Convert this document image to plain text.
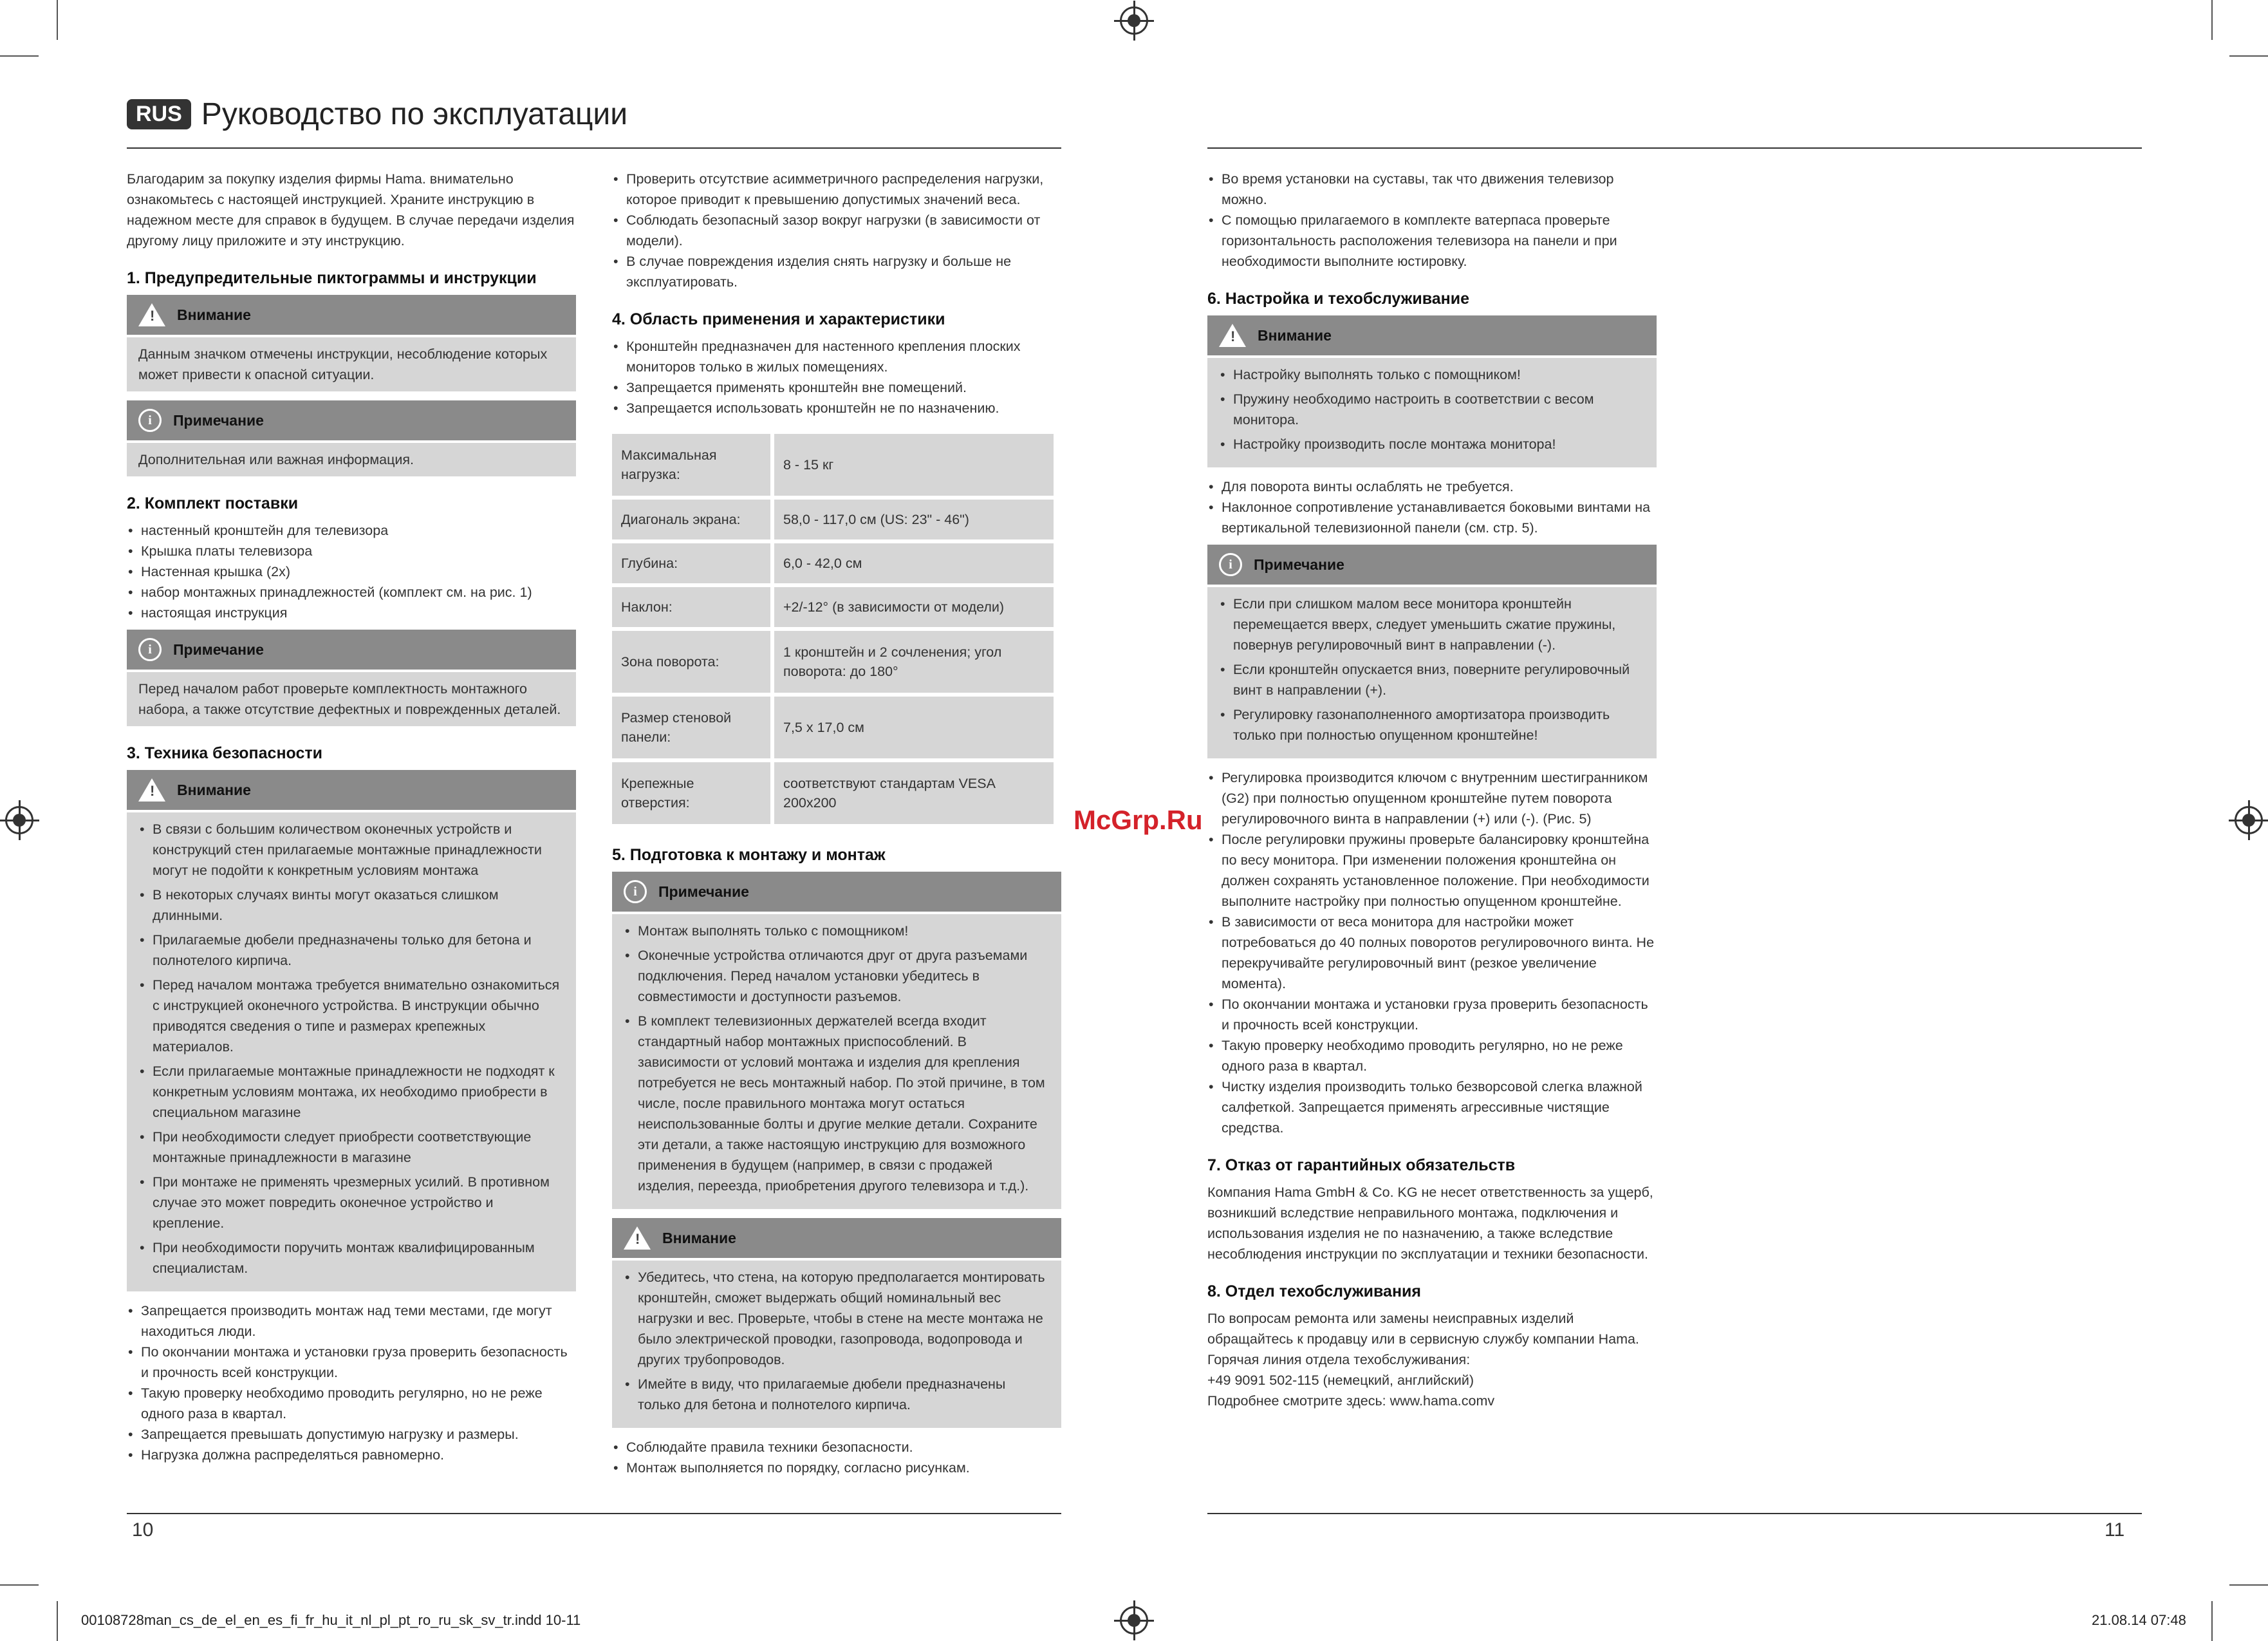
RUS Руководство по эксплуатации

Благодарим за покупку изделия фирмы Hama. внимательно ознакомьтесь с настоящей инструкцией. Храните инструкцию в надежном месте для справок в будущем. В случае передачи изделия другому лицу приложите и эту инструкцию.

1. Предупредительные пиктограммы и инструкции
! Внимание
Данным значком отмечены инструкции, несоблюдение которых может привести к опасной ситуации.
i	Примечание
Дополнительная или важная информация.
2. Комплект поставки
• настенный кронштейн для телевизора
• Крышка платы телевизора
• Настенная крышка (2х)
• набор монтажных принадлежностей (комплект см. на рис. 1)
• настоящая инструкция
i	Примечание
Перед началом работ проверьте комплектность монтажного набора, а также отсутствие дефектных и поврежденных деталей.
3. Техника безопасности
! Внимание
• В связи с большим количеством оконечных устройств и конструкций стен прилагаемые монтажные принадлежности могут не подойти к конкретным условиям монтажа
• В некоторых случаях винты могут оказаться слишком длинными.
• Прилагаемые дюбели предназначены только для бетона и полнотелого кирпича.
• Перед началом монтажа требуется внимательно ознакомиться с инструкцией оконечного устройства. В инструкции обычно приводятся сведения о типе и размерах крепежных материалов.
• Если прилагаемые монтажные принадлежности не подходят к конкретным условиям монтажа, их необходимо приобрести в специальном магазине
• При необходимости следует приобрести соответствующие монтажные принадлежности в магазине
• При монтаже не применять чрезмерных усилий. В противном случае это может повредить оконечное устройство и крепление.
• При необходимости поручить монтаж квалифицированным специалистам.
• Запрещается производить монтаж над теми местами, где могут находиться люди.
• По окончании монтажа и установки груза проверить безопасность и прочность всей конструкции.
• Такую проверку необходимо проводить регулярно, но не реже одного раза в квартал.
• Запрещается превышать допустимую нагрузку и размеры.
• Нагрузка должна распределяться равномерно.
• Проверить отсутствие асимметричного распределения нагрузки, которое приводит к превышению допустимых значений веса.
• Соблюдать безопасный зазор вокруг нагрузки (в зависимости от модели).
• В случае повреждения изделия снять нагрузку и больше не эксплуатировать.
4. Область применения и характеристики
• Кронштейн предназначен для настенного крепления плоских мониторов только в жилых помещениях.
• Запрещается применять кронштейн вне помещений.
• Запрещается использовать кронштейн не по назначению.
Максимальная нагрузка:	8 - 15 кг
Диагональ экрана:	58,0 - 117,0 см (US: 23" - 46")
Глубина:	6,0 - 42,0 см
Наклон:	+2/-12° (в зависимости от модели)
Зона поворота:	1 кронштейн и 2 сочленения; угол поворота: до 180°
Размер стеновой панели:	7,5 x 17,0 см
Крепежные отверстия:	соответствуют стандартам VESA 200x200
5. Подготовка к монтажу и монтаж
i	Примечание
• Монтаж выполнять только с помощником!
• Оконечные устройства отличаются друг от друга разъемами подключения. Перед началом установки убедитесь в совместимости и доступности разъемов.
• В комплект телевизионных держателей всегда входит стандартный набор монтажных приспособлений. В зависимости от условий монтажа и изделия для крепления потребуется не весь монтажный набор. По этой причине, в том числе, после правильного монтажа могут остаться неиспользованные болты и другие мелкие детали. Сохраните эти детали, а также настоящую инструкцию для возможного применения в будущем (например, в связи с продажей изделия, переезда, приобретения другого телевизора и т.д.).
! Внимание
• Убедитесь, что стена, на которую предполагается монтировать кронштейн, сможет выдержать общий номинальный вес нагрузки и вес. Проверьте, чтобы в стене на месте монтажа не было электрической проводки, газопровода, водопровода и других трубопроводов.
• Имейте в виду, что прилагаемые дюбели предназначены только для бетона и полнотелого кирпича.
• Соблюдайте правила техники безопасности.
• Монтаж выполняется по порядку, согласно рисункам.
• Во время установки на суставы, так что движения телевизор можно.
• С помощью прилагаемого в комплекте ватерпаса проверьте горизонтальность расположения телевизора на панели и при необходимости выполните юстировку.
6. Настройка и техобслуживание
! Внимание
• Настройку выполнять только с помощником!
• Пружину необходимо настроить в соответствии с весом монитора.
• Настройку производить после монтажа монитора!
• Для поворота винты ослаблять не требуется.
• Наклонное сопротивление устанавливается боковыми винтами на вертикальной телевизионной панели (см. стр. 5).
i	Примечание
• Если при слишком малом весе монитора кронштейн перемещается вверх, следует уменьшить сжатие пружины, повернув регулировочный винт в направлении (-).
• Если кронштейн опускается вниз, поверните регулировочный винт в направлении (+).
• Регулировку газонаполненного амортизатора производить только при полностью опущенном кронштейне!
• Регулировка производится ключом с внутренним шестигранником (G2) при полностью опущенном кронштейне путем поворота регулировочного винта в направлении (+) или (-). (Рис. 5)
• После регулировки пружины проверьте балансировку кронштейна по весу монитора. При изменении положения кронштейна он должен сохранять установленное положение. При необходимости выполните настройку при полностью опущенном кронштейне.
• В зависимости от веса монитора для настройки может потребоваться до 40 полных поворотов регулировочного винта. Не перекручивайте регулировочный винт (резкое увеличение момента).
• По окончании монтажа и установки груза проверить безопасность и прочность всей конструкции.
• Такую проверку необходимо проводить регулярно, но не реже одного раза в квартал.
• Чистку изделия производить только безворсовой слегка влажной салфеткой. Запрещается применять агрессивные чистящие средства.
7. Отказ от гарантийных обязательств

Компания Hama GmbH & Co. KG не несет ответственность за ущерб, возникший вследствие неправильного монтажа, подключения и использования изделия не по назначению, а также вследствие несоблюдения инструкции по эксплуатации и техники безопасности.

8. Отдел техобслуживания
По вопросам ремонта или замены неисправных изделий обращайтесь к продавцу или в сервисную службу компании Hama.
Горячая линия отдела техобслуживания:
+49 9091 502-115 (немецкий, английский)
Подробнее смотрите здесь: www.hama.comv
McGrp.Ru
10	11
00108728man_cs_de_el_en_es_fi_fr_hu_it_nl_pl_pt_ro_ru_sk_sv_tr.indd 10-11	21.08.14 07:48
